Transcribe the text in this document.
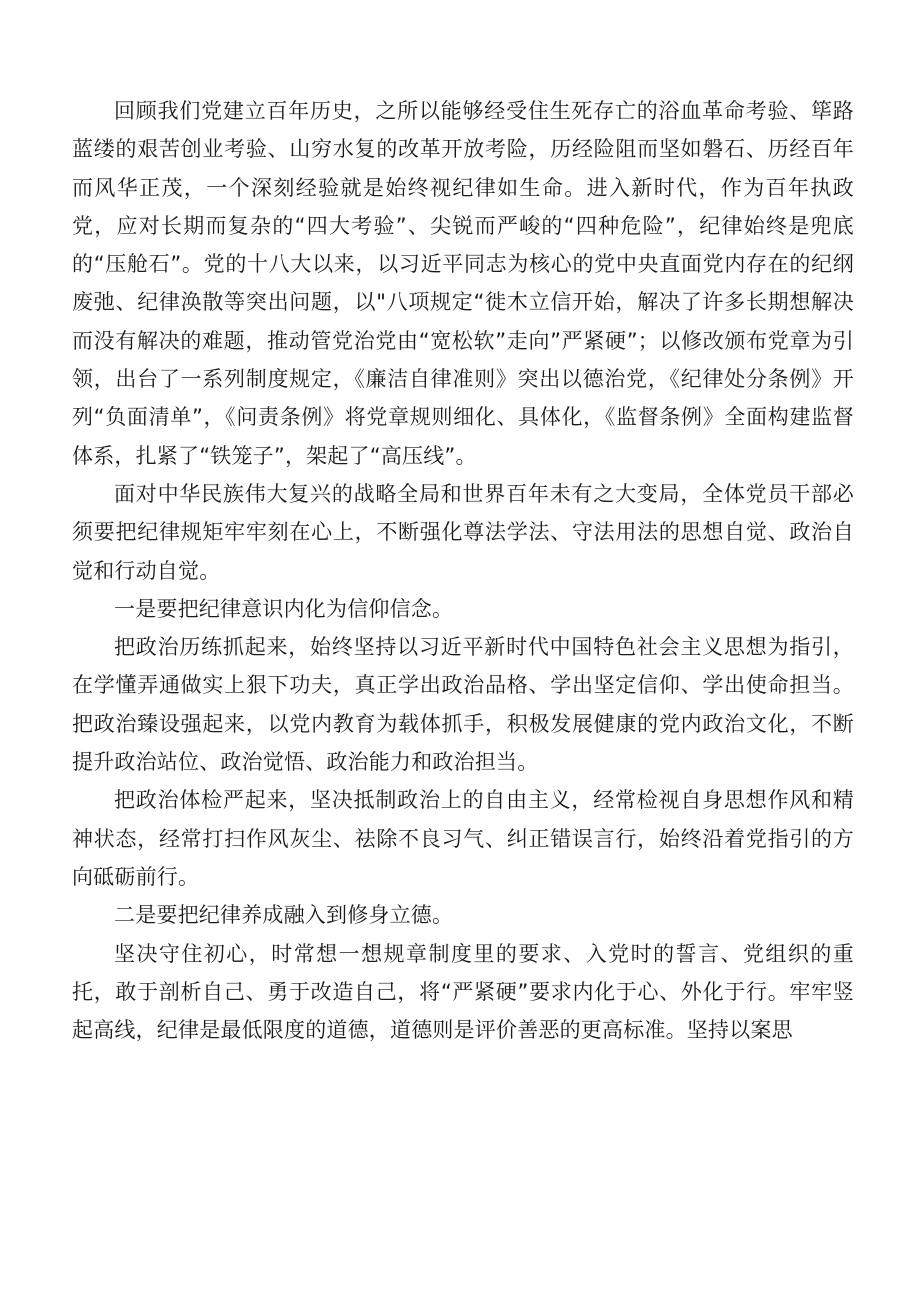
回顾我们党建立百年历史，之所以能够经受住生死存亡的浴血革命考验、筚路蓝缕的艰苦创业考验、山穷水复的改革开放考险，历经险阻而坚如磐石、历经百年而风华正茂，一个深刻经验就是始终视纪律如生命。进入新时代，作为百年执政党，应对长期而复杂的“四大考验”、尖锐而严峻的“四种危险”，纪律始终是兜底的“压舱石”。党的十八大以来，以习近平同志为核心的党中央直面党内存在的纪纲废弛、纪律涣散等突出问题，以"八项规定“徙木立信开始，解决了许多长期想解决而没有解决的难题，推动管党治党由“宽松软”走向”严紧硬”；以修改颁布党章为引领，出台了一系列制度规定，《廉洁自律准则》突出以德治党，《纪律处分条例》开列“负面清单”，《问责条例》将党章规则细化、具体化，《监督条例》全面构建监督体系，扎紧了“铁笼子”，架起了“高压线”。

面对中华民族伟大复兴的战略全局和世界百年未有之大变局，全体党员干部必须要把纪律规矩牢牢刻在心上，不断强化尊法学法、守法用法的思想自觉、政治自觉和行动自觉。

一是要把纪律意识内化为信仰信念。

把政治历练抓起来，始终坚持以习近平新时代中国特色社会主义思想为指引，在学懂弄通做实上狠下功夫，真正学出政治品格、学出坚定信仰、学出使命担当。把政治臻设强起来，以党内教育为载体抓手，积极发展健康的党内政治文化，不断提升政治站位、政治觉悟、政治能力和政治担当。

把政治体检严起来，坚决抵制政治上的自由主义，经常检视自身思想作风和精神状态，经常打扫作风灰尘、祛除不良习气、纠正错误言行，始终沿着党指引的方向砥砺前行。

二是要把纪律养成融入到修身立德。

坚决守住初心，时常想一想规章制度里的要求、入党时的誓言、党组织的重托，敢于剖析自己、勇于改造自己，将“严紧硬”要求内化于心、外化于行。牢牢竖起高线，纪律是最低限度的道德，道德则是评价善恶的更高标准。坚持以案思
